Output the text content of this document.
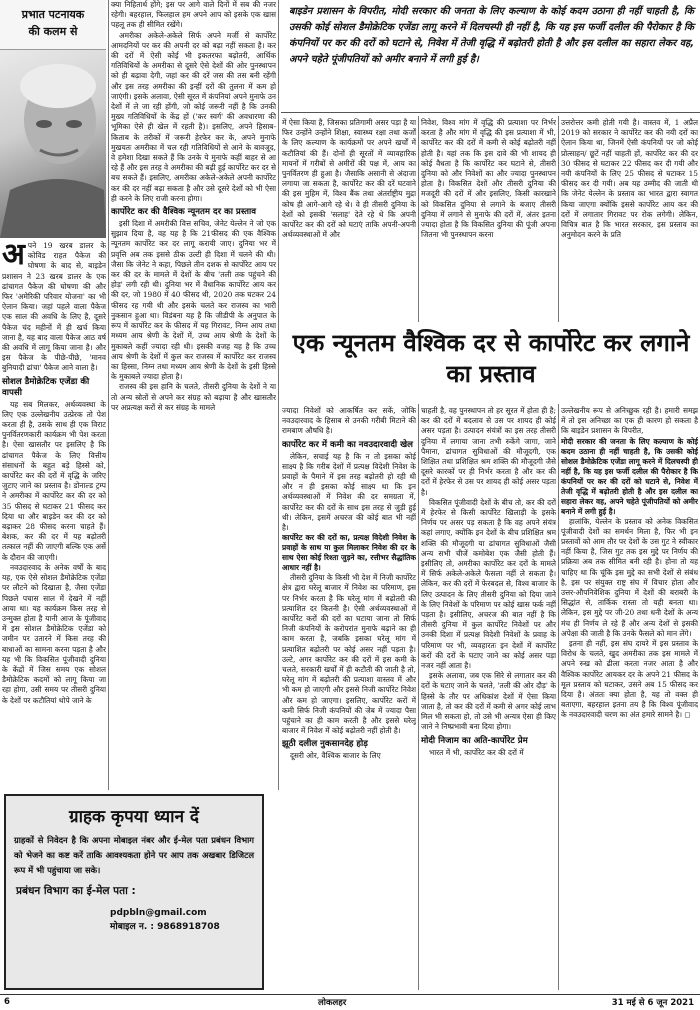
प्रभात पटनायक
की कलम से
बाइडेन प्रशासन के विपरीत, मोदी सरकार की जनता के लिए कल्याण के कोई कदम उठाना ही नहीं चाहती है, कि उसकी कोई सोशल डैमोक्रेटिक एजेंडा लागू करने में दिलचस्पी ही नहीं है, कि यह इस फर्जी दलील की पैरोकार है कि कंपनियों पर कर की दरों को घटाने से, निवेश में तेजी वृद्धि में बढ़ोतरी होती है और इस दलील का सहारा लेकर वह, अपने चहेते पूंजीपतियों को अमीर बनाने में लगी हुई है।
एक न्यूनतम वैश्विक दर से कार्पोरेट कर लगाने का प्रस्ताव

अपने 19 खरब डालर के कोविड राहत पैकेज की घोषणा के बाद से, बाइडेन प्रशासन ने 23 खरब डालर के एक ढांचागत पैकेज की घोषणा की और फिर 'अमेरिकी परिवार योजना' का भी ऐलान किया। जहां पहले वाला पैकेज एक साल की अवधि के लिए है, दूसरे पैकेज चंद महीनों में ही खर्च किया जाना है, यह बाद वाला पैकेज आठ वर्ष की अवधि में लागू किया जाना है। और इस पैकेज के पीछे-पीछे, 'मानव बुनियादी ढांचा' पैकेज आने वाला है।

सोशल डैमोक्रेटिक एजेंडा की वापसी

यह सब मिलकर, अर्थव्यवस्था के लिए एक उल्लेखनीय उत्प्रेरक तो पेश करता ही है, उसके साथ ही एक विराट पुनर्वितरणकारी कार्यक्रम भी पेश करता है। ऐसा खासतौर पर इसलिए है कि ढांचागत पैकेज के लिए वित्तीय संसाधनों के बहुत बड़े हिस्से को, कार्पोरेट कर की दरों में वृद्धि के जरिए जुटाए जाने का प्रस्ताव है। डोनाल्ड ट्रम्प ने अमरीका में कार्पोरेट कर की दर को 35 फीसद से घटाकर 21 फीसद कर दिया था और बाइडेन कर की दर को बढ़ाकर 28 फीसद करना चाहते हैं। बेशक, कर की दर में यह बढ़ोतरी तत्काल नहीं की जाएगी बल्कि एक अर्से के दौरान की जाएगी।

नवउदारवाद के अनेक वर्षों के बाद यह, एक ऐसे सोशल डैमोक्रेटिक एजेंडा पर लौटने को दिखाता है, जैसा एजेंडा पिछले पचास साल में देखने में नहीं आया था। यह कार्यक्रम किस तरह से उन्मुक्त होता है यानी आज के पूंजीवाद में इस सोशल डैमोक्रेटिक एजेंडा को जमीन पर उतारने में किस तरह की बाधाओं का सामना करना पड़ता है और यह भी कि विकसित पूंजीवादी दुनिया के केंद्रों में जिस समय एक सोशल डैमोक्रेटिक कदमों को लागू किया जा रहा होगा, उसी समय पर तीसरी दुनिया के देशों पर कटौतियां थोपे जाने के

क्या निहितार्थ होंगे; इस पर आगे वाले दिनों में सब की नजर रहेगी। बहरहाल, फिलहाल हम अपने आप को इसके एक खास पहलू तक ही सीमित रखेंगे।

अमरीका अकेले-अकेले सिर्फ अपने मर्जी से कार्पोरेट आमदनियों पर कर की अपनी दर को बढ़ा नहीं सकता है। कर की दरों में ऐसी कोई भी इकतरफा बढ़ोतरी, आर्थिक गतिविधियों के अमरीका से दूसरे ऐसे देशों की ओर पुनस्थापन को ही बढ़ावा देगी, जहां कर की दरें जस की तस बनी रहेंगी और इस तरह अमरीका की इन्हीं दरों की तुलना में कम हो जाएंगी। इसके अलावा, ऐसी सूरत में कंपनियां अपने मुनाफे उन देशों में ले जा रही होंगी, जो कोई जरूरी नहीं है कि उनकी मुख्य गतिविधियों के केंद्र हों ('कर स्वर्ग' की अवधारणा की भूमिका ऐसे ही खेल में रहती है)। इसलिए, अपने हिसाब-किताब के तरीकों में जरूरी हेरफेर कर के, अपने मुनाफे मुखयतः अमरीका में चल रही गतिविधियों से आने के बावजूद, वे हमेशा दिखा सकते हैं कि उनके ये मुनाफे कहीं बाहर से आ रहे हैं और इस तरह वे अमरीका की बढ़ी हुई कार्पोरेट कर दर से बच सकते हैं। इसलिए, अमरीका अकेले-अकेले अपनी कार्पोरेट कर की दर नहीं बढ़ा सकता है और उसे दूसरे देशों को भी ऐसा ही करने के लिए राजी करना होगा।

कार्पोरेट कर की वैश्विक न्यूनतम दर का प्रस्ताव

इसी दिशा में अमरीकी वित्त सचिव, जेनेट येल्लेन ने जो एक सुझाव दिया है, वह यह है कि 21फीसद की एक वैश्विक न्यूनतम कार्पोरेट कर दर लागू करायी जाए। दुनिया भर में प्रवृत्ति अब तक इससे ठीक उल्टी ही दिशा में चलने की थी। जैसा कि जेनेट ने कहा, पिछले तीन दशक से कार्पोरेट आय पर कर की दर के मामले में देशों के बीच 'तली तक पहुंचने की होड़' लगी रही थी। दुनिया भर में वैधानिक कार्पोरेट आय कर की दर, जो 1980 में 40 फीसद थी, 2020 तक घटकर 24 फीसद रह गयी थी और इसके चलते कर राजस्व का भारी नुकसान हुआ था। विडंबना यह है कि जीडीपी के अनुपात के रूप में कार्पोरेट कर के फीसद में यह गिरावट, निम्न आय तथा मध्यम आय श्रेणी के देशों में, उच्च आय श्रेणी के देशों के मुकाबले कहीं ज्यादा रही थी। इसकी वजह यह है कि उच्च आय श्रेणी के देशों में कुल कर राजस्व में कार्पोरेट कर राजस्व का हिस्सा, निम्न तथा मध्यम आय श्रेणी के देशों के इसी हिस्से के मुकाबले ज्यादा होता है।

राजस्व की इस हानि के चलते, तीसरी दुनिया के देशों ने या तो अन्य स्रोतों से अपने कर संग्रह को बढ़ाया है और खासतौर पर अप्रत्यक्ष करों से कर संग्रह के मामले

में ऐसा किया है, जिसका प्रतिगामी असर पड़ा है या फिर उन्होंने उन्होंने शिक्षा, स्वास्थ्य रक्षा तथा कर्जों के लिए कल्याण के कार्यक्रमों पर अपने खर्चों में कटौतियां की हैं। दोनों ही सूरतों में व्यावहारिक मायनों में गरीबों से अमीरों की पक्ष में, आय का पुनर्वितरण ही हुआ है। जैसाकि असानी से अंदाजा लगाया जा सकता है, कार्पोरेट कर की दरें घटवाने की इस मुहिम में, विश्व बैंक तथा अंतर्राष्ट्रीय मुद्रा कोष ही आगे-आगे रहे थे। वे ही तीसरी दुनिया के देशों को इसकी 'सलाह' देते रहे थे कि अपनी कार्पोरेट कर की दरों को घटाएं ताकि अपनी-अपनी अर्थव्यवस्थाओं में और

निवेश, विश्व मांग में वृद्धि की प्रत्याशा पर निर्भर करता है और मांग में वृद्धि की इस प्रत्याशा में भी, कार्पोरेट कर की दरों में कमी से कोई बढ़ोतरी नहीं होती है। यहां तक कि इस दावे की भी शायद ही कोई वैधता है कि कार्पोरेट कर घटाने से, तीसरी दुनिया को और निवेशों का और ज्यादा पुनस्थापन होता है। विकसित देशों और तीसरी दुनिया की मजदूरी की दरों में और इसलिए, किसी कारखाने को विकसित दुनिया से लगाने के बजाए तीसरी दुनिया में लगाने से मुनाफे की दरों में, अंतर इतना ज्यादा होता है कि विकसित दुनिया की पूंजी अपना जितना भी पुनस्थापन करना

उत्तरोत्तर कमी होती गयी है। वास्तव में, 1 अप्रैल 2019 को सरकार ने कार्पोरेट कर की नयी दरों का ऐलान किया था, जिनमें ऐसी कंपनियों पर जो कोई प्रोत्साहन/ छूटें नहीं चाहती हों, कार्पोरेट कर की दर 30 फीसद से घटाकर 22 फीसद कर दी गयी और नयी कंपनियों के लिए 25 फीसद से घटाकर 15 फीसद कर दी गयी। अब यह उम्मीद की जाती थी कि जेनेट येल्लेन के प्रस्ताव का भारत द्वारा स्वागत किया जाएगा क्योंकि इससे कार्पोरेट आय कर की दरों में लगातार गिरावट पर रोक लगेगी। लेकिन, विचित्र बात है कि भारत सरकार, इस प्रस्ताव का अनुमोदन करने के प्रति

ज्यादा निवेशों को आकर्षित कर सकें, जोकि नवउदारवाद के हिसाब से उनकी गरीबी मिटाने की रामबाण औषधि है।

कार्पोरेट कर में कमी का नवउदारवादी खेल

लेकिन, सचाई यह है कि न तो इसका कोई साक्ष्य है कि गरीब देशों में प्रत्यक्ष विदेशी निवेश के प्रवाहों के पैमाने में इस तरह बढ़ोतरी हो रही थी और न ही इसका कोई साक्ष्य था कि इन अर्थव्यवस्थाओं में निवेश की दर समग्रता में, कार्पोरेट कर की दरों के साथ इस तरह से जुड़ी हुई थी। लेकिन, इसमें अचरज की कोई बात भी नहीं है।

कार्पोरेट कर की दरों का, प्रत्यक्ष विदेशी निवेश के प्रवाहों के साथ या कुल मिलाकर निवेश की दर के साथ ऐसा कोई रिश्ता जुड़ने का, रत्तीभर सैद्धांतिक आधार नहीं है।

तीसरी दुनिया के किसी भी देश में निजी कार्पोरेट क्षेत्र द्वारा घरेलू बाजार में निवेश का परिमाण, इस पर निर्भर करता है कि घरेलू मांग में बढ़ोतरी की प्रत्याशित दर कितनी है। ऐसी अर्थव्यवस्थाओं में कार्पोरेट करों की दरों का घटाया जाना तो सिर्फ निजी कंपनियों के करोपरांत मुनाफे बढ़ाने का ही काम करता है, जबकि इसका घरेलू मांग में प्रत्याशित बढ़ोतरी पर कोई असर नहीं पड़ता है। उल्टे, अगर कार्पोरेट कर की दरों में इस कमी के चलते, सरकारी खर्चों में ही कटौती की जाती है तो, घरेलू मांग में बढ़ोतरी की प्रत्याशा वास्तव में और भी कम हो जाएगी और इससे निजी कार्पोरेट निवेश और कम हो जाएगा। इसलिए, कार्पोरेट करों में कमी सिर्फ निजी कंपनियों की जेब में ज्यादा पैसा पहुंचाने का ही काम करती है और इससे घरेलू बाजार में निवेश में कोई बढ़ोतरी नहीं होती है।

झूठी दलील नुकसानदेह होड़

दूसरी ओर, वैश्विक बाजार के लिए

चाहती है, वह पुनस्थापन तो हर सूरत में होता ही है; कर की दरों में बदलाव से उस पर शायद ही कोई असर पड़ता है। उत्पादन संयंत्रों का इस तरह तीसरी दुनिया में लगाया जाना तभी रुकेंगे जागा, जाने पैमाना, ढांचागत सुविधाओं की मौजूदगी, एक शिक्षित तथा प्रशिक्षित श्रम शक्ति की मौजूदगी जैसे दूसरे कारकों पर ही निर्भर करता है और कर की दरों में हेरफेर से उस पर शायद ही कोई असर पड़ता है।

विकसित पूंजीवादी देशों के बीच तो, कर की दरों में हेरफेर से किसी कार्पोरेट खिलाड़ी के इसके निर्णय पर असर पड़ सकता है कि वह अपने संयंत्र कहां लगाए, क्योंकि इन देशों के बीच प्रशिक्षित श्रम शक्ति की मौजूदगी या ढांचागत सुविधाओं जैसी अन्य सभी चीजें कमोबेश एक जैसी होती हैं। इसीलिए तो, अमरीका कार्पोरेट कर दरों के मामले में सिर्फ अकेले-अकेले फैसला नहीं ले सकता है। लेकिन, कर की दरों में फेरबदल से, विश्व बाजार के लिए उत्पादन के लिए तीसरी दुनिया को दिया जाने के लिए निवेशों के परिमाण पर कोई खास फर्क नहीं पड़ता है। इसीलिए, अचरज की बात नहीं है कि तीसरी दुनिया में कुल कार्पोरेट निवेशों पर और उनकी दिशा में प्रत्यक्ष विदेशी निवेशों के प्रवाह के परिमाण पर भी, व्यवहारतः इन देशों में कार्पोरेट करों की दरों के घटाए जाने का कोई असर पड़ा नजर नहीं आता है।

इसके अलावा, जब एक सिरे से लगातार कर की दरों के घटाए जाने के चलते, 'तली की ओर दौड़' के हिस्से के तौर पर अधिकांश देशों में ऐसा किया जाता है, तो कर की दरों में कमी से अगर कोई लाभ मिल भी सकता हो, तो उसे भी अन्यत्र ऐसा ही किए जाने ने निष्प्रभावी बना दिया होगा।

मोदी निजाम का अति-कार्पोरेट प्रेम

भारत में भी, कार्पोरेट कर की दरों में

उल्लेखनीय रूप से अनिच्छुक रही है। हमारी समझ में तो इस अनिच्छा का एक ही कारण हो सकता है कि बाइडेन प्रशासन के विपरीत,

मोदी सरकार की जनता के लिए कल्याण के कोई कदम उठाना ही नहीं चाहती है, कि उसकी कोई सोशल डैमोक्रेटिक एजेंडा लागू करने में दिलचस्पी ही नहीं है, कि यह इस फर्जी दलील की पैरोकार है कि कंपनियों पर कर की दरों को घटाने से, निवेश में तेजी वृद्धि में बढ़ोतरी होती है और इस दलील का सहारा लेकर वह, अपने चहेते पूंजीपतियों को अमीर बनाने में लगी हुई है।

हालांकि, येल्लेन के प्रस्ताव को अनेक विकसित पूंजीवादी देशों का समर्थन मिला है, फिर भी इन प्रस्तावों को आम तौर पर देशों के उस गुट ने स्वीकार नहीं किया है, जिस गुट तक इस मुद्दे पर निर्णय की प्रक्रिया अब तक सीमित बनी रही है। होना तो यह चाहिए था कि चूंकि इस मुद्दे का सभी देशों से संबंध है, इस पर संयुक्त राष्ट्र संघ में विचार होता और उत्तर-औपनिवेशिक दुनिया में देशों की बराबरी के सिद्धांत से, तार्किक रास्ता तो यही बनता था। लेकिन, इस मुद्दे पर जी-20 तथा धनी देशों के अन्य मंच ही निर्णय ले रहे हैं और अन्य देशों से इसकी अपेक्षा की जाती है कि उनके फैसले को मान लेंगे।

इतना ही नहीं, इस संघ दायरे में इस प्रस्ताव के विरोध के चलते, खुद अमरीका तक इस मामले में अपने रुख को ढीला करता नजर आता है और वैश्विक कार्पोरेट आयकर दर के अपने 21 फीसद के मूल प्रस्ताव को घटाकर, उसने अब 15 फीसद कर दिया है। अंततः क्या होता है, यह तो वक्त ही बताएगा, बहरहाल इतना तय है कि विश्व पूंजीवाद के नवउदारवादी चरण का अंत हमारे सामने है। ◻

ग्राहक कृपया ध्यान दें
ग्राहकों से निवेदन है कि अपना मोबाइल नंबर और ई-मेल पता प्रबंधन विभाग को भेजने का कष्ट करें ताकि आवश्यकता होने पर आप तक अखबार डिजिटल रूप में भी पहुंचाया जा सके।
प्रबंधन विभाग का ई-मेल पता :
pdpbln@gmail.com
मोबाइल न. : 9868918708
6	लोकलहर	31 मई से 6 जून 2021
